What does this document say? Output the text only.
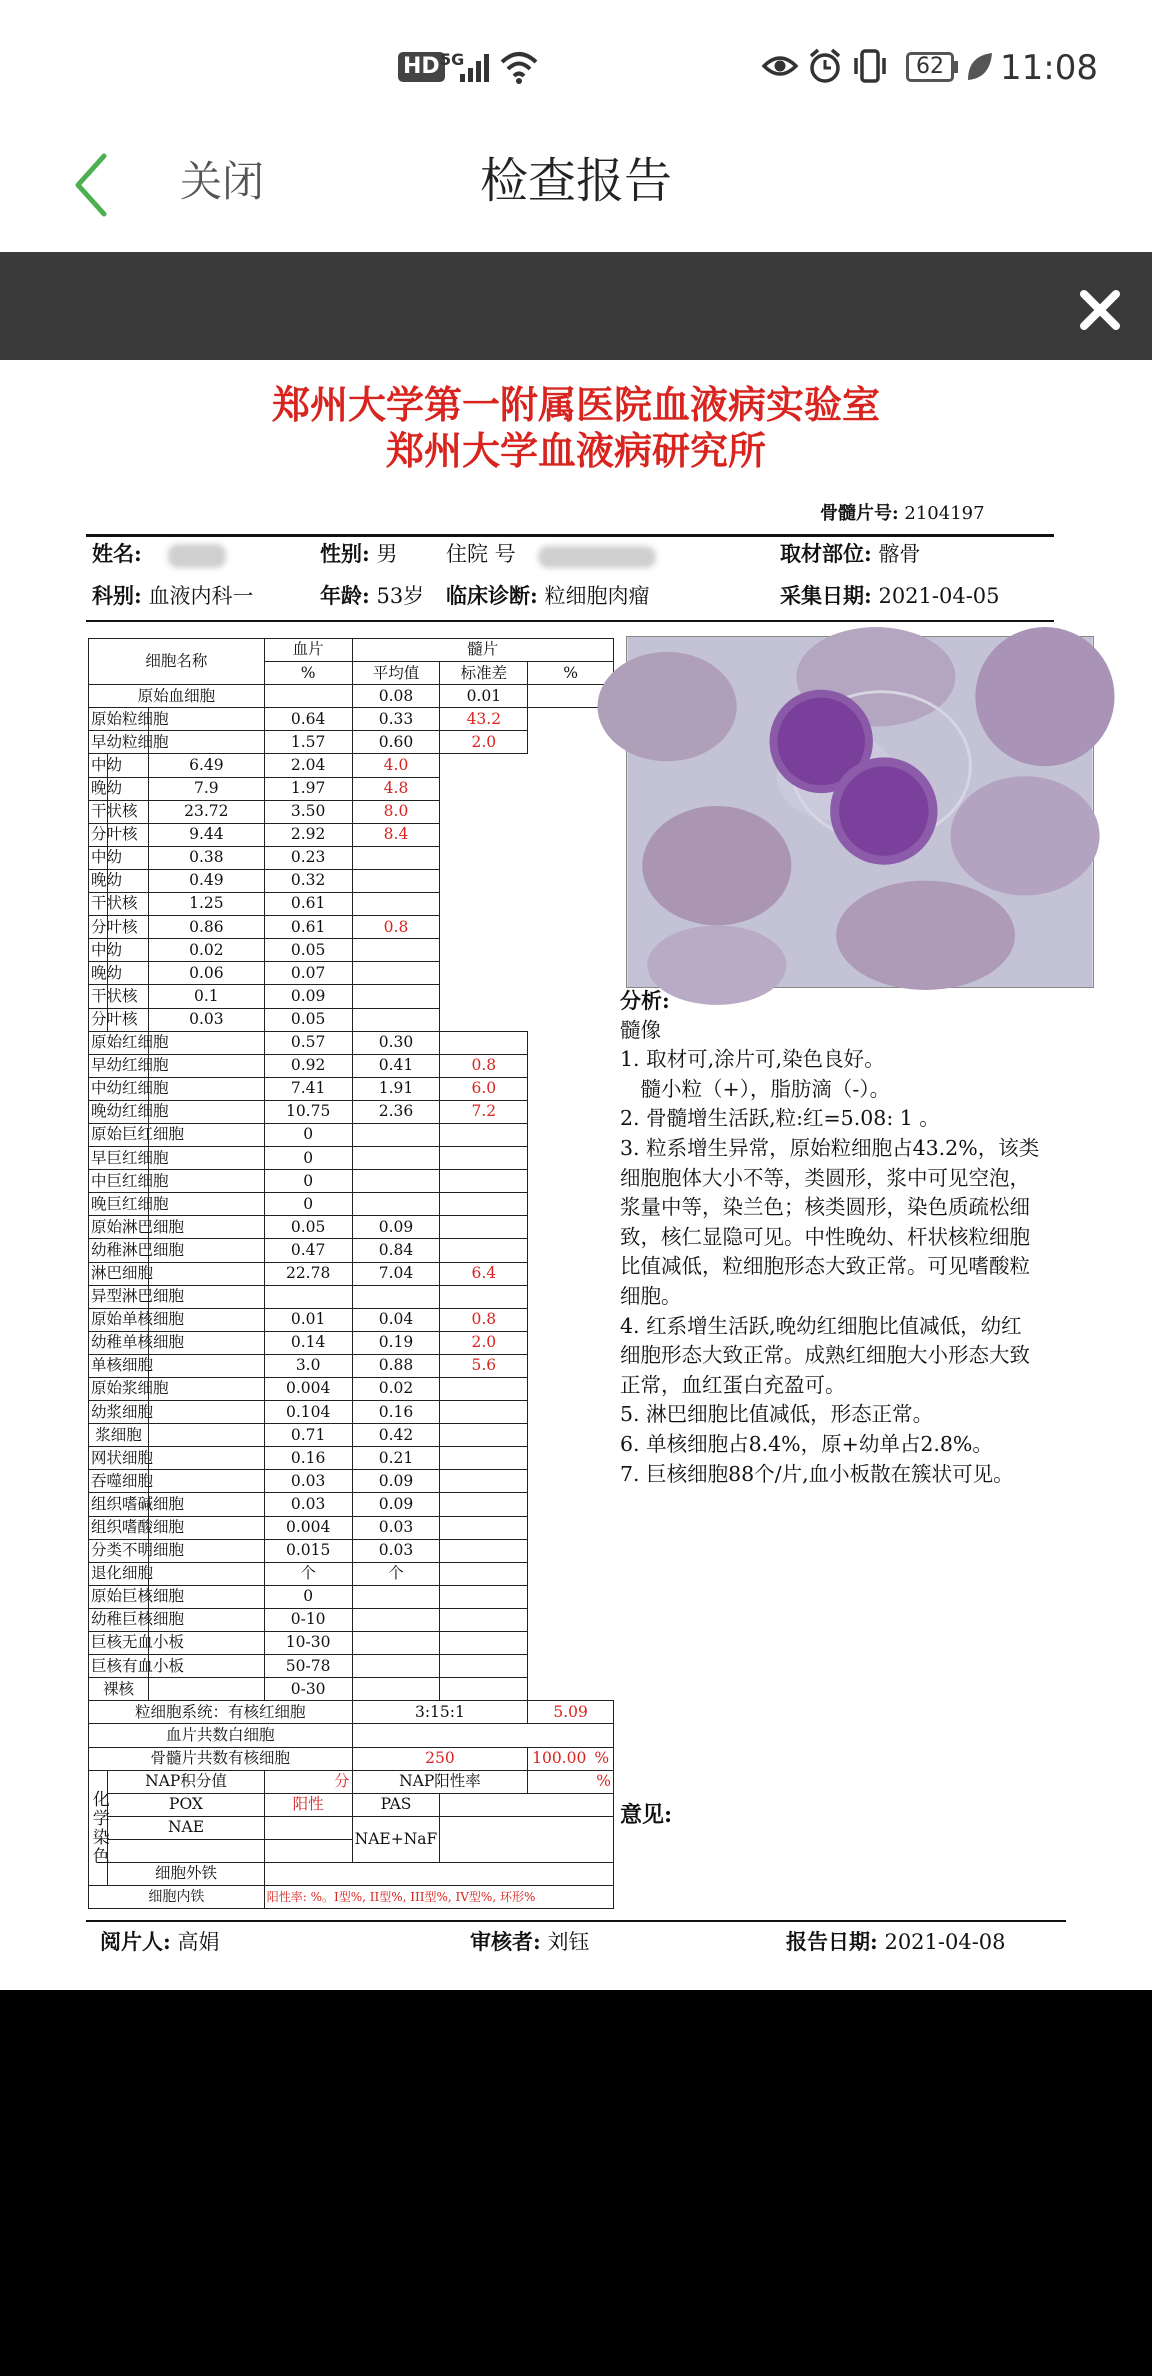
HD 5G	62 11:08
关闭	检查报告
郑州大学第一附属医院血液病实验室
郑州大学血液病研究所
骨髓片号: 2104197
姓名:	性别: 男 住院 号	取材部位: 髂骨
科别: 血液内科一	年龄: 53岁 临床诊断: 粒细胞肉瘤	采集日期: 2021-04-05
细胞名称			血片	髓片		
			%	平均值	标准差	%
原始血细胞				0.08	0.01	
原始粒细胞			0.64	0.33	43.2	
早幼粒细胞			1.57	0.60	2.0	
中幼		6.49	2.04	4.0		
晚幼		7.9	1.97	4.8		
干状核		23.72	3.50	8.0		
分叶核		9.44	2.92	8.4		
中幼		0.38	0.23			
晚幼		0.49	0.32			
干状核		1.25	0.61			
分叶核		0.86	0.61	0.8		
中幼		0.02	0.05			
晚幼		0.06	0.07			
干状核		0.1	0.09			
分叶核		0.03	0.05			
原始红细胞			0.57	0.30		
早幼红细胞			0.92	0.41	0.8	
中幼红细胞			7.41	1.91	6.0	
晚幼红细胞			10.75	2.36	7.2	
原始巨红细胞			0			
早巨红细胞			0			
中巨红细胞			0			
晚巨红细胞			0			
原始淋巴细胞			0.05	0.09		
幼稚淋巴细胞			0.47	0.84		
淋巴细胞			22.78	7.04	6.4	
异型淋巴细胞						
原始单核细胞			0.01	0.04	0.8	
幼稚单核细胞			0.14	0.19	2.0	
单核细胞			3.0	0.88	5.6	
原始浆细胞			0.004	0.02		
幼浆细胞			0.104	0.16		
浆细胞			0.71	0.42		
网状细胞			0.16	0.21		
吞噬细胞			0.03	0.09		
组织嗜碱细胞			0.03	0.09		
组织嗜酸细胞			0.004	0.03		
分类不明细胞			0.015	0.03		
退化细胞			个	个		
原始巨核细胞			0			
幼稚巨核细胞			0-10			
巨核无血小板			10-30			
巨核有血小板			50-78			
裸核			0-30			
粒细胞系统：有核红细胞				3:15:1		5.09
血片共数白细胞						
骨髓片共数有核细胞				250		100.00 %
化学染色	NAP积分值		分	NAP阳性率		%
	POX		阳性	PAS		
	NAE			NAE+NaF		

	细胞外铁					
细胞内铁			阳性率: %。I型%, II型%, III型%, IV型%, 环形%			
分析:

髓像

1. 取材可,涂片可,染色良好。

　髓小粒（+），脂肪滴（-）。

2. 骨髓增生活跃,粒:红=5.08: 1 。

3. 粒系增生异常，原始粒细胞占43.2%，该类

细胞胞体大小不等，类圆形，浆中可见空泡，

浆量中等，染兰色；核类圆形，染色质疏松细

致，核仁显隐可见。中性晚幼、杆状核粒细胞

比值减低，粒细胞形态大致正常。可见嗜酸粒

细胞。

4. 红系增生活跃,晚幼红细胞比值减低，幼红

细胞形态大致正常。成熟红细胞大小形态大致

正常，血红蛋白充盈可。

5. 淋巴细胞比值减低，形态正常。

6. 单核细胞占8.4%，原+幼单占2.8%。

7. 巨核细胞88个/片,血小板散在簇状可见。

意见:
阅片人: 高娟	审核者: 刘钰	报告日期: 2021-04-08
